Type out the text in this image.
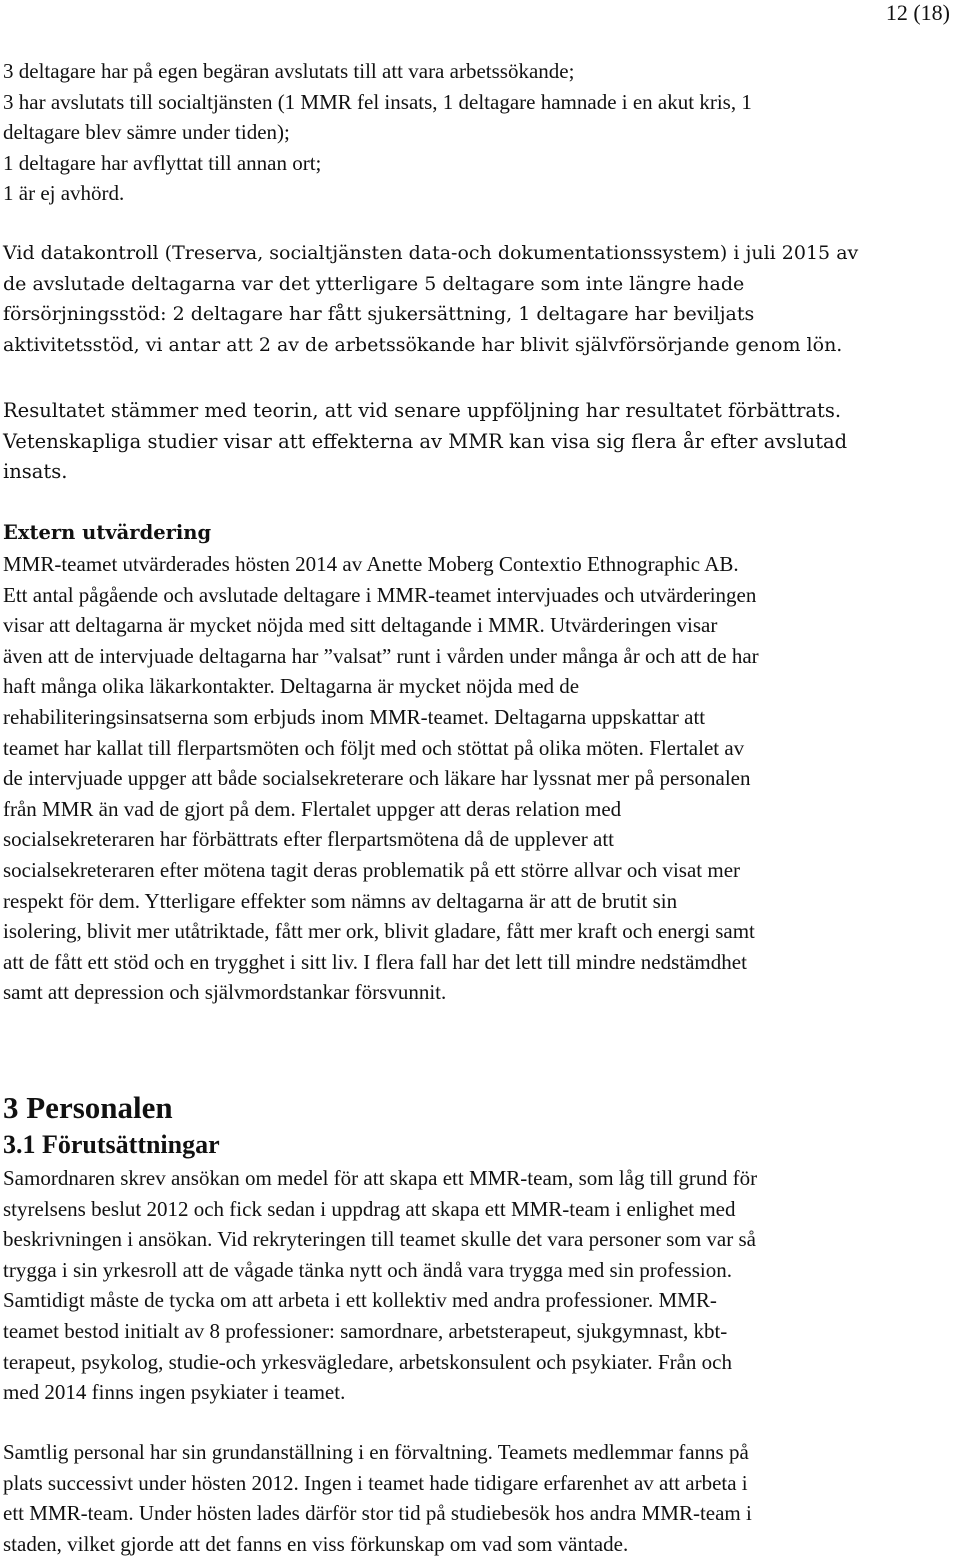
12 (18)
3 deltagare har på egen begäran avslutats till att vara arbetssökande;
3 har avslutats till socialtjänsten (1 MMR fel insats, 1 deltagare hamnade i en akut kris, 1
deltagare blev sämre under tiden);
1 deltagare har avflyttat till annan ort;
1 är ej avhörd.
Vid datakontroll (Treserva, socialtjänsten data-och dokumentationssystem) i juli 2015 av
de avslutade deltagarna var det ytterligare 5 deltagare som inte längre hade
försörjningsstöd: 2 deltagare har fått sjukersättning, 1 deltagare har beviljats
aktivitetsstöd, vi antar att 2 av de arbetssökande har blivit självförsörjande genom lön.
Resultatet stämmer med teorin, att vid senare uppföljning har resultatet förbättrats.
Vetenskapliga studier visar att effekterna av MMR kan visa sig flera år efter avslutad
insats.
Extern utvärdering
MMR-teamet utvärderades hösten 2014 av Anette Moberg Contextio Ethnographic AB.
Ett antal pågående och avslutade deltagare i MMR-teamet intervjuades och utvärderingen
visar att deltagarna är mycket nöjda med sitt deltagande i MMR. Utvärderingen visar
även att de intervjuade deltagarna har ”valsat” runt i vården under många år och att de har
haft många olika läkarkontakter. Deltagarna är mycket nöjda med de
rehabiliteringsinsatserna som erbjuds inom MMR-teamet. Deltagarna uppskattar att
teamet har kallat till flerpartsmöten och följt med och stöttat på olika möten. Flertalet av
de intervjuade uppger att både socialsekreterare och läkare har lyssnat mer på personalen
från MMR än vad de gjort på dem. Flertalet uppger att deras relation med
socialsekreteraren har förbättrats efter flerpartsmötena då de upplever att
socialsekreteraren efter mötena tagit deras problematik på ett större allvar och visat mer
respekt för dem. Ytterligare effekter som nämns av deltagarna är att de brutit sin
isolering, blivit mer utåtriktade, fått mer ork, blivit gladare, fått mer kraft och energi samt
att de fått ett stöd och en trygghet i sitt liv. I flera fall har det lett till mindre nedstämdhet
samt att depression och självmordstankar försvunnit.
3 Personalen
3.1 Förutsättningar
Samordnaren skrev ansökan om medel för att skapa ett MMR-team, som låg till grund för
styrelsens beslut 2012 och fick sedan i uppdrag att skapa ett MMR-team i enlighet med
beskrivningen i ansökan. Vid rekryteringen till teamet skulle det vara personer som var så
trygga i sin yrkesroll att de vågade tänka nytt och ändå vara trygga med sin profession.
Samtidigt måste de tycka om att arbeta i ett kollektiv med andra professioner. MMR-
teamet bestod initialt av 8 professioner: samordnare, arbetsterapeut, sjukgymnast, kbt-
terapeut, psykolog, studie-och yrkesvägledare, arbetskonsulent och psykiater. Från och
med 2014 finns ingen psykiater i teamet.
Samtlig personal har sin grundanställning i en förvaltning. Teamets medlemmar fanns på
plats successivt under hösten 2012. Ingen i teamet hade tidigare erfarenhet av att arbeta i
ett MMR-team. Under hösten lades därför stor tid på studiebesök hos andra MMR-team i
staden, vilket gjorde att det fanns en viss förkunskap om vad som väntade.
